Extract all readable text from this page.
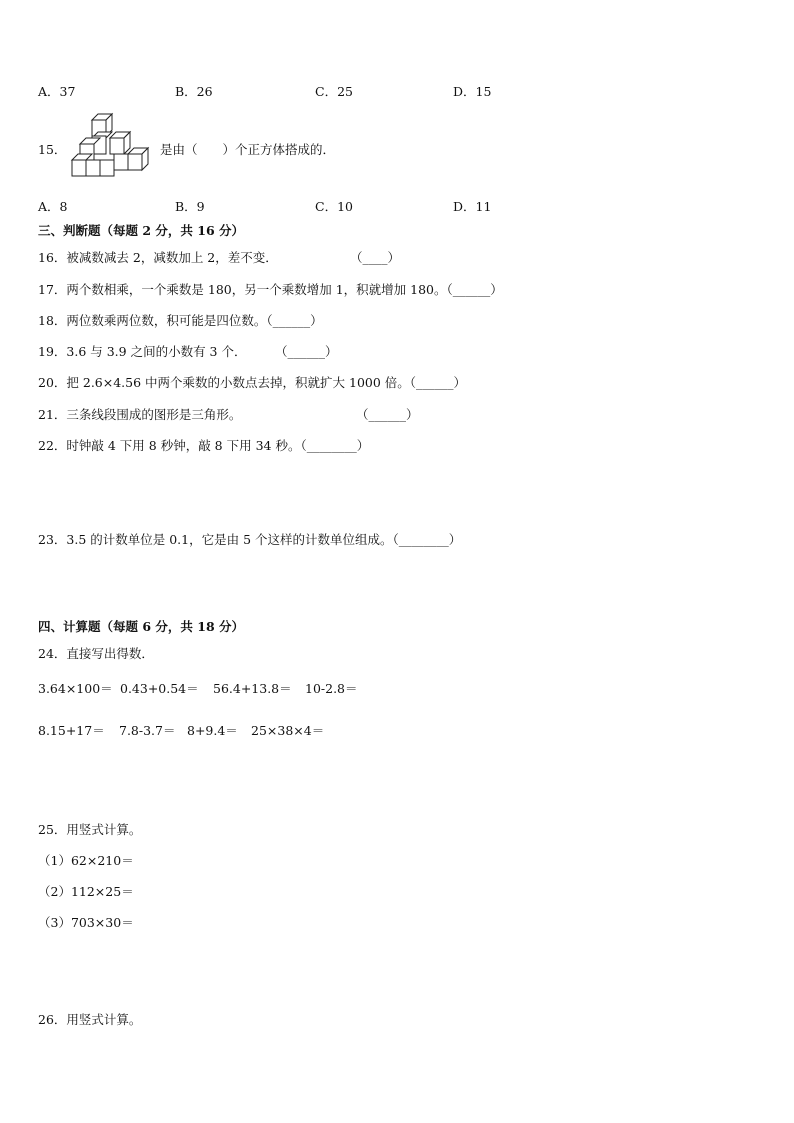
A．37	B．26	C．25	D．15
15．	是由（　　）个正方体搭成的．
A．8	B．9	C．10	D．11
三、判断题（每题 2 分，共 16 分）
16．被减数减去 2，减数加上 2，差不变．	（____）
17．两个数相乘，一个乘数是 180，另一个乘数增加 1，积就增加 180。（______）
18．两位数乘两位数，积可能是四位数。（______）
19．3.6 与 3.9 之间的小数有 3 个． （______）
20．把 2.6×4.56 中两个乘数的小数点去掉，积就扩大 1000 倍。（______）
21．三条线段围成的图形是三角形。	（______）
22．时钟敲 4 下用 8 秒钟，敲 8 下用 34 秒。（________）
23．3.5 的计数单位是 0.1，它是由 5 个这样的计数单位组成。（________）
四、计算题（每题 6 分，共 18 分）
24．直接写出得数．
3.64×100＝ 0.43+0.54＝ 56.4+13.8＝ 10-2.8＝
8.15+17＝ 7.8-3.7＝ 8+9.4＝ 25×38×4＝
25．用竖式计算。
（1）62×210＝
（2）112×25＝
（3）703×30＝
26．用竖式计算。
